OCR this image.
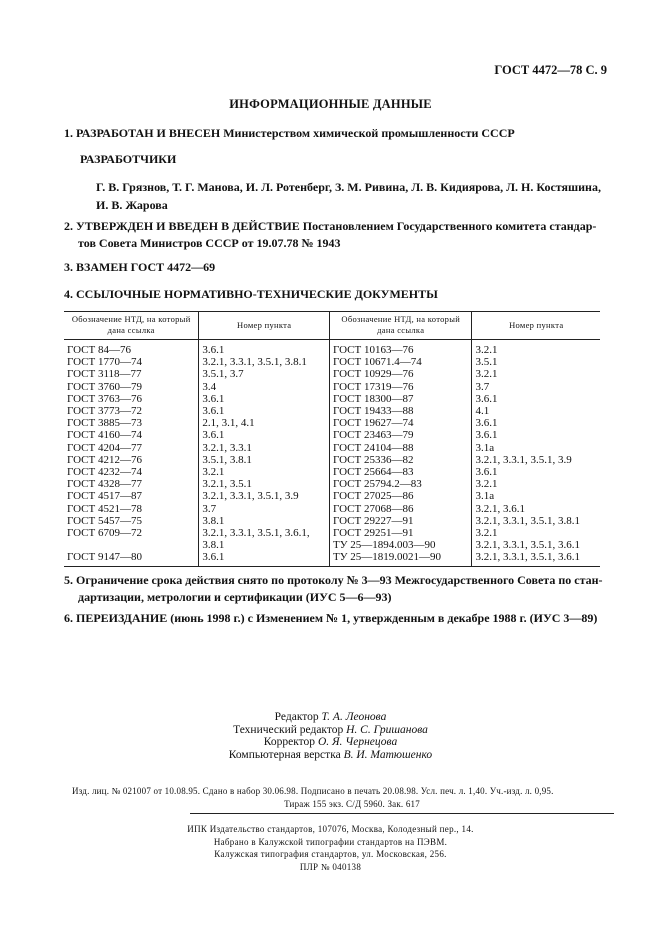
ГОСТ 4472—78 С. 9
ИНФОРМАЦИОННЫЕ ДАННЫЕ
1. РАЗРАБОТАН И ВНЕСЕН Министерством химической промышленности СССР
РАЗРАБОТЧИКИ
Г. В. Грязнов, Т. Г. Манова, И. Л. Ротенберг, З. М. Ривина, Л. В. Кидиярова, Л. Н. Костяшина,
И. В. Жарова
2. УТВЕРЖДЕН И ВВЕДЕН В ДЕЙСТВИЕ Постановлением Государственного комитета стандар-
тов Совета Министров СССР от 19.07.78 № 1943
3. ВЗАМЕН ГОСТ 4472—69
4. ССЫЛОЧНЫЕ НОРМАТИВНО-ТЕХНИЧЕСКИЕ ДОКУМЕНТЫ
Обозначение НТД, на который дана ссылка	Номер пункта	Обозначение НТД, на который дана ссылка	Номер пункта
ГОСТ 84—76	3.6.1	ГОСТ 10163—76	3.2.1
ГОСТ 1770—74	3.2.1, 3.3.1, 3.5.1, 3.8.1	ГОСТ 10671.4—74	3.5.1
ГОСТ 3118—77	3.5.1, 3.7	ГОСТ 10929—76	3.2.1
ГОСТ 3760—79	3.4	ГОСТ 17319—76	3.7
ГОСТ 3763—76	3.6.1	ГОСТ 18300—87	3.6.1
ГОСТ 3773—72	3.6.1	ГОСТ 19433—88	4.1
ГОСТ 3885—73	2.1, 3.1, 4.1	ГОСТ 19627—74	3.6.1
ГОСТ 4160—74	3.6.1	ГОСТ 23463—79	3.6.1
ГОСТ 4204—77	3.2.1, 3.3.1	ГОСТ 24104—88	3.1а
ГОСТ 4212—76	3.5.1, 3.8.1	ГОСТ 25336—82	3.2.1, 3.3.1, 3.5.1, 3.9
ГОСТ 4232—74	3.2.1	ГОСТ 25664—83	3.6.1
ГОСТ 4328—77	3.2.1, 3.5.1	ГОСТ 25794.2—83	3.2.1
ГОСТ 4517—87	3.2.1, 3.3.1, 3.5.1, 3.9	ГОСТ 27025—86	3.1а
ГОСТ 4521—78	3.7	ГОСТ 27068—86	3.2.1, 3.6.1
ГОСТ 5457—75	3.8.1	ГОСТ 29227—91	3.2.1, 3.3.1, 3.5.1, 3.8.1
ГОСТ 6709—72	3.2.1, 3.3.1, 3.5.1, 3.6.1,	ГОСТ 29251—91	3.2.1
	3.8.1	ТУ 25—1894.003—90	3.2.1, 3.3.1, 3.5.1, 3.6.1
ГОСТ 9147—80	3.6.1	ТУ 25—1819.0021—90	3.2.1, 3.3.1, 3.5.1, 3.6.1
5. Ограничение срока действия снято по протоколу № 3—93 Межгосударственного Совета по стан-
дартизации, метрологии и сертификации (ИУС 5—6—93)
6. ПЕРЕИЗДАНИЕ (июнь 1998 г.) с Изменением № 1, утвержденным в декабре 1988 г. (ИУС 3—89)
Редактор Т. А. Леонова
Технический редактор Н. С. Гришанова
Корректор О. Я. Чернецова
Компьютерная верстка В. И. Матюшенко
Изд. лиц. № 021007 от 10.08.95. Сдано в набор 30.06.98. Подписано в печать 20.08.98. Усл. печ. л. 1,40. Уч.-изд. л. 0,95.
Тираж 155 экз. С/Д 5960. Зак. 617
ИПК Издательство стандартов, 107076, Москва, Колодезный пер., 14.
Набрано в Калужской типографии стандартов на ПЭВМ.
Калужская типография стандартов, ул. Московская, 256.
ПЛР № 040138
